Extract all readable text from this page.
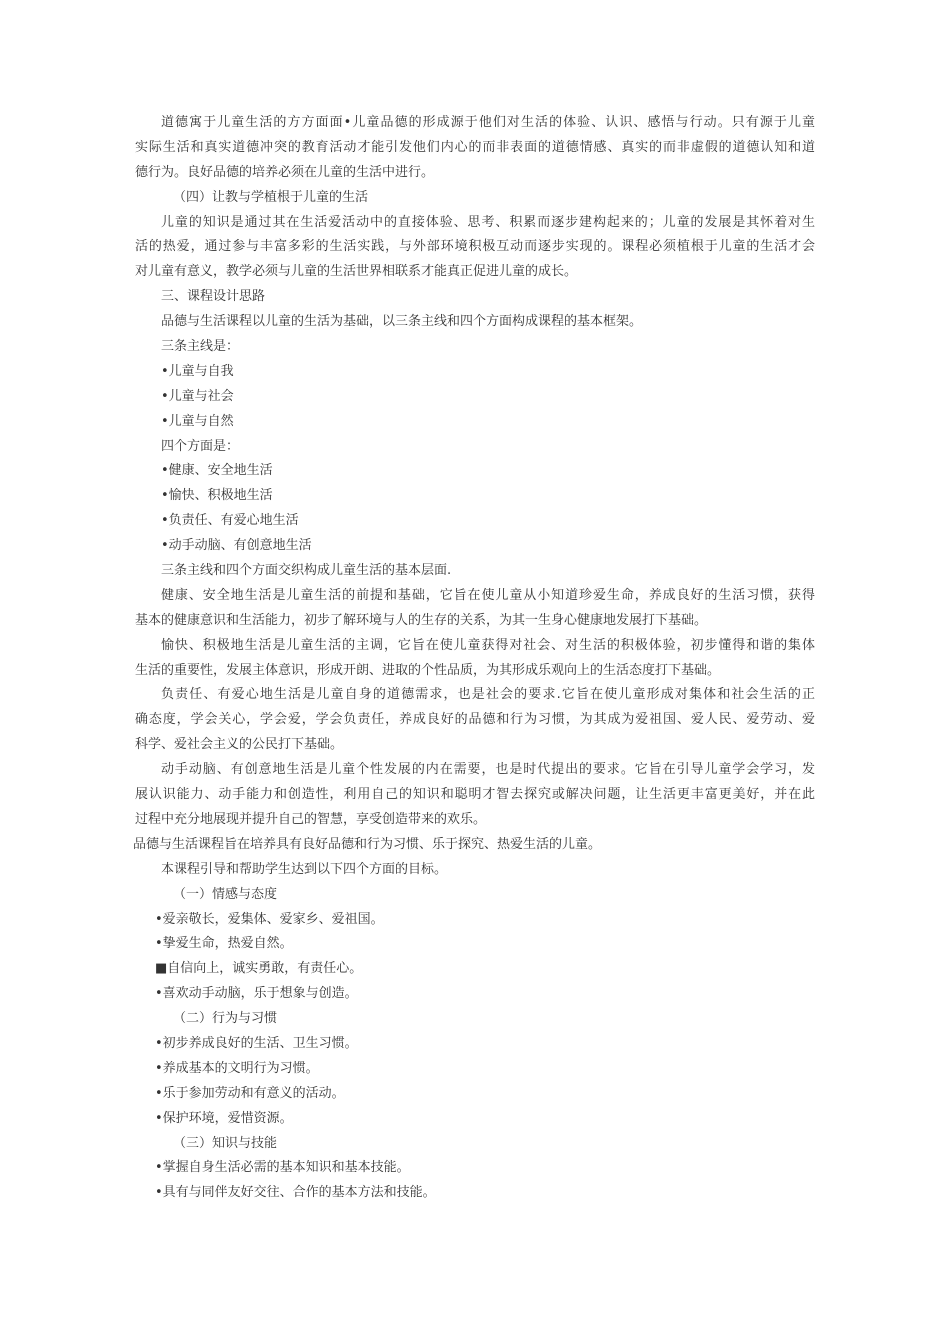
道德寓于儿童生活的方方面面•儿童品德的形成源于他们对生活的体验、认识、感悟与行动。只有源于儿童
实际生活和真实道德冲突的教育活动才能引发他们内心的而非表面的道德情感、真实的而非虚假的道德认知和道
德行为。良好品德的培养必须在儿童的生活中进行。
（四）让教与学植根于儿童的生活
儿童的知识是通过其在生活爱活动中的直接体验、思考、积累而逐步建构起来的；儿童的发展是其怀着对生
活的热爱，通过参与丰富多彩的生活实践，与外部环境积极互动而逐步实现的。课程必须植根于儿童的生活才会
对儿童有意义，教学必须与儿童的生活世界相联系才能真正促进儿童的成长。
三、课程设计思路
品德与生活课程以儿童的生活为基础，以三条主线和四个方面构成课程的基本框架。
三条主线是：
•儿童与自我
•儿童与社会
•儿童与自然
四个方面是：
•健康、安全地生活
•愉快、积极地生活
•负责任、有爱心地生活
•动手动脑、有创意地生活
三条主线和四个方面交织构成儿童生活的基本层面.
健康、安全地生活是儿童生活的前提和基础，它旨在使儿童从小知道珍爱生命，养成良好的生活习惯，获得
基本的健康意识和生活能力，初步了解环境与人的生存的关系，为其一生身心健康地发展打下基础。
愉快、积极地生活是儿童生活的主调，它旨在使儿童获得对社会、对生活的积极体验，初步懂得和谐的集体
生活的重要性，发展主体意识，形成开朗、进取的个性品质，为其形成乐观向上的生活态度打下基础。
负责任、有爱心地生活是儿童自身的道德需求，也是社会的要求.它旨在使儿童形成对集体和社会生活的正
确态度，学会关心，学会爱，学会负责任，养成良好的品德和行为习惯，为其成为爱祖国、爱人民、爱劳动、爱
科学、爱社会主义的公民打下基础。
动手动脑、有创意地生活是儿童个性发展的内在需要，也是时代提出的要求。它旨在引导儿童学会学习，发
展认识能力、动手能力和创造性，利用自己的知识和聪明才智去探究或解决问题，让生活更丰富更美好，并在此
过程中充分地展现并提升自己的智慧，享受创造带来的欢乐。
品德与生活课程旨在培养具有良好品德和行为习惯、乐于探究、热爱生活的儿童。
本课程引导和帮助学生达到以下四个方面的目标。
（一）情感与态度
•爱亲敬长，爱集体、爱家乡、爱祖国。
•挚爱生命，热爱自然。
■自信向上，诚实勇敢，有责任心。
•喜欢动手动脑，乐于想象与创造。
（二）行为与习惯
•初步养成良好的生活、卫生习惯。
•养成基本的文明行为习惯。
•乐于参加劳动和有意义的活动。
•保护环境，爱惜资源。
（三）知识与技能
•掌握自身生活必需的基本知识和基本技能。
•具有与同伴友好交往、合作的基本方法和技能。
